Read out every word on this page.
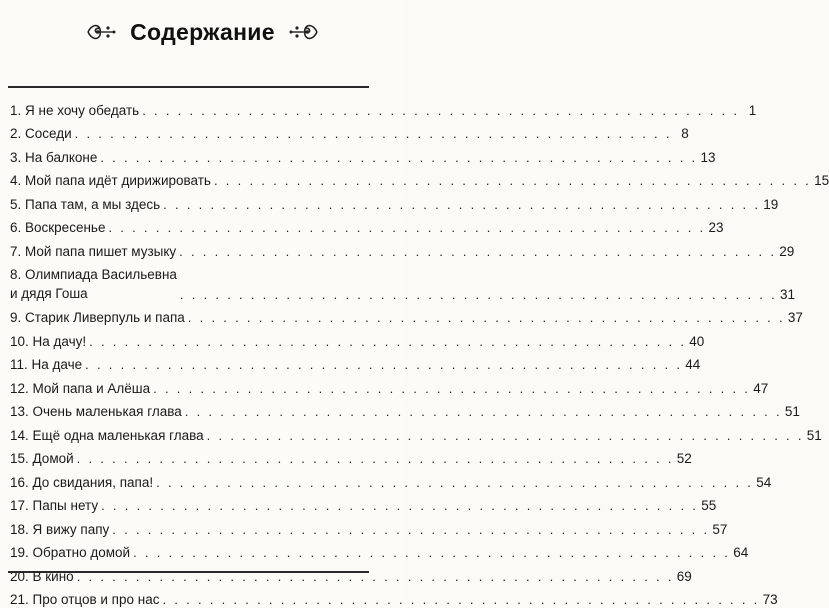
Содержание
1. Я не хочу обедать . . . . . . . . . . . . . . . . . . . . . . . . . . . . . . . . . . . . . . . . . . . . . . . . . . . 1
2. Соседи . . . . . . . . . . . . . . . . . . . . . . . . . . . . . . . . . . . . . . . . . . . . . . . . . . . 8
3. На балконе . . . . . . . . . . . . . . . . . . . . . . . . . . . . . . . . . . . . . . . . . . . . . . . . . . . 13
4. Мой папа идёт дирижировать . . . . . . . . . . . . . . . . . . . . . . . . . . . . . . . . . . . . . . . . . . . . . . . . . . . 15
5. Папа там, а мы здесь . . . . . . . . . . . . . . . . . . . . . . . . . . . . . . . . . . . . . . . . . . . . . . . . . . . 19
6. Воскресенье . . . . . . . . . . . . . . . . . . . . . . . . . . . . . . . . . . . . . . . . . . . . . . . . . . . 23
7. Мой папа пишет музыку . . . . . . . . . . . . . . . . . . . . . . . . . . . . . . . . . . . . . . . . . . . . . . . . . . . 29
8. Олимпиада Васильевна
и дядя Гоша	. . . . . . . . . . . . . . . . . . . . . . . . . . . . . . . . . . . . . . . . . . . . . . . . . . . 31
9. Старик Ливерпуль и папа . . . . . . . . . . . . . . . . . . . . . . . . . . . . . . . . . . . . . . . . . . . . . . . . . . . 37
10. На дачу! . . . . . . . . . . . . . . . . . . . . . . . . . . . . . . . . . . . . . . . . . . . . . . . . . . . 40
11. На даче . . . . . . . . . . . . . . . . . . . . . . . . . . . . . . . . . . . . . . . . . . . . . . . . . . . 44
12. Мой папа и Алёша . . . . . . . . . . . . . . . . . . . . . . . . . . . . . . . . . . . . . . . . . . . . . . . . . . . 47
13. Очень маленькая глава . . . . . . . . . . . . . . . . . . . . . . . . . . . . . . . . . . . . . . . . . . . . . . . . . . . 51
14. Ещё одна маленькая глава . . . . . . . . . . . . . . . . . . . . . . . . . . . . . . . . . . . . . . . . . . . . . . . . . . . 51
15. Домой . . . . . . . . . . . . . . . . . . . . . . . . . . . . . . . . . . . . . . . . . . . . . . . . . . . 52
16. До свидания, папа! . . . . . . . . . . . . . . . . . . . . . . . . . . . . . . . . . . . . . . . . . . . . . . . . . . . 54
17. Папы нету . . . . . . . . . . . . . . . . . . . . . . . . . . . . . . . . . . . . . . . . . . . . . . . . . . . 55
18. Я вижу папу . . . . . . . . . . . . . . . . . . . . . . . . . . . . . . . . . . . . . . . . . . . . . . . . . . . 57
19. Обратно домой . . . . . . . . . . . . . . . . . . . . . . . . . . . . . . . . . . . . . . . . . . . . . . . . . . . 64
20. В кино . . . . . . . . . . . . . . . . . . . . . . . . . . . . . . . . . . . . . . . . . . . . . . . . . . . 69
21. Про отцов и про нас . . . . . . . . . . . . . . . . . . . . . . . . . . . . . . . . . . . . . . . . . . . . . . . . . . . 73
